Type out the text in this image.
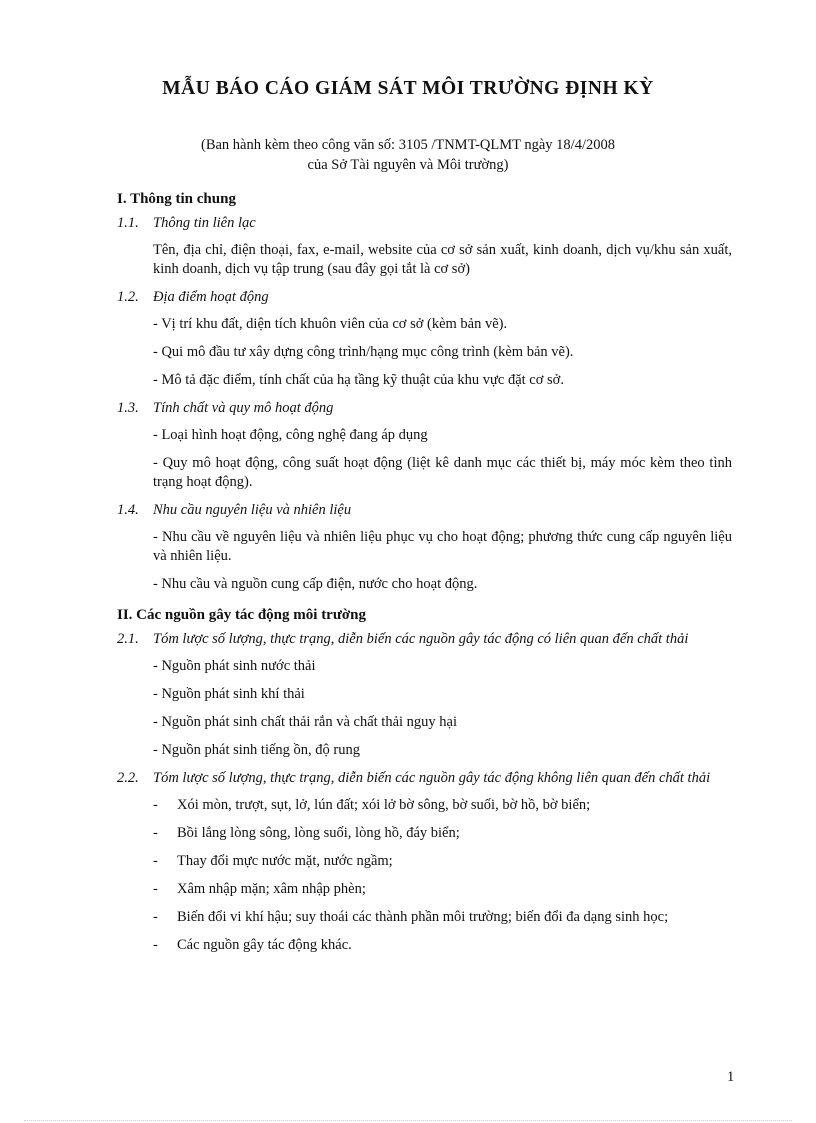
MẪU BÁO CÁO GIÁM SÁT MÔI TRƯỜNG ĐỊNH KỲ
(Ban hành kèm theo công văn số: 3105 /TNMT-QLMT ngày 18/4/2008
của Sở Tài nguyên và Môi trường)
I. Thông tin chung
1.1. Thông tin liên lạc
Tên, địa chỉ, điện thoại, fax, e-mail, website của cơ sở sản xuất, kinh doanh, dịch vụ/khu sản xuất, kinh doanh, dịch vụ tập trung (sau đây gọi tắt là cơ sở)
1.2. Địa điểm hoạt động
- Vị trí khu đất, diện tích khuôn viên của cơ sở (kèm bản vẽ).
- Qui mô đầu tư xây dựng công trình/hạng mục công trình (kèm bản vẽ).
- Mô tả đặc điểm, tính chất của hạ tầng kỹ thuật của khu vực đặt cơ sở.
1.3. Tính chất và quy mô hoạt động
- Loại hình hoạt động, công nghệ đang áp dụng
- Quy mô hoạt động, công suất hoạt động (liệt kê danh mục các thiết bị, máy móc kèm theo tình trạng hoạt động).
1.4. Nhu cầu nguyên liệu và nhiên liệu
- Nhu cầu về nguyên liệu và nhiên liệu phục vụ cho hoạt động; phương thức cung cấp nguyên liệu và nhiên liệu.
- Nhu cầu và nguồn cung cấp điện, nước cho hoạt động.
II. Các nguồn gây tác động môi trường
2.1. Tóm lược số lượng, thực trạng, diễn biến các nguồn gây tác động có liên quan đến chất thải
- Nguồn phát sinh nước thải
- Nguồn phát sinh khí thải
- Nguồn phát sinh chất thải rắn và chất thải nguy hại
- Nguồn phát sinh tiếng ồn, độ rung
2.2. Tóm lược số lượng, thực trạng, diễn biến các nguồn gây tác động không liên quan đến chất thải
- Xói mòn, trượt, sụt, lở, lún đất; xói lở bờ sông, bờ suối, bờ hồ, bờ biển;
- Bồi lắng lòng sông, lòng suối, lòng hồ, đáy biển;
- Thay đổi mực nước mặt, nước ngầm;
- Xâm nhập mặn; xâm nhập phèn;
- Biến đổi vi khí hậu; suy thoái các thành phần môi trường; biến đổi đa dạng sinh học;
- Các nguồn gây tác động khác.
1
